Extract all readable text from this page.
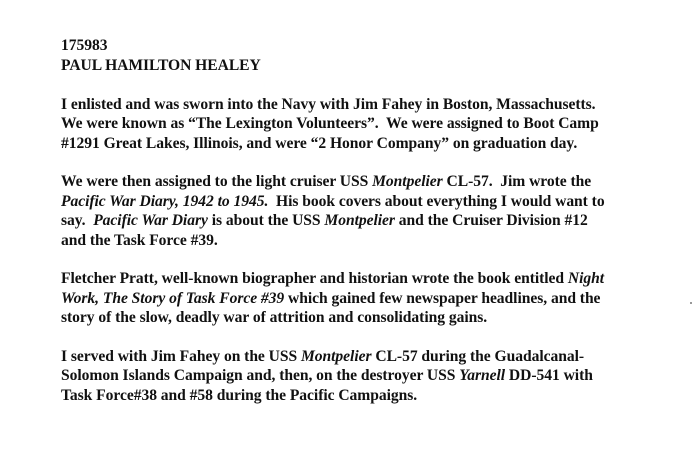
175983

PAUL HAMILTON HEALEY

I enlisted and was sworn into the Navy with Jim Fahey in Boston, Massachusetts.
We were known as “The Lexington Volunteers”.  We were assigned to Boot Camp
#1291 Great Lakes, Illinois, and were “2 Honor Company” on graduation day.

We were then assigned to the light cruiser USS Montpelier CL-57.  Jim wrote the
Pacific War Diary, 1942 to 1945.  His book covers about everything I would want to
say.  Pacific War Diary is about the USS Montpelier and the Cruiser Division #12
and the Task Force #39.

Fletcher Pratt, well-known biographer and historian wrote the book entitled Night
Work, The Story of Task Force #39 which gained few newspaper headlines, and the
story of the slow, deadly war of attrition and consolidating gains.

I served with Jim Fahey on the USS Montpelier CL-57 during the Guadalcanal-
Solomon Islands Campaign and, then, on the destroyer USS Yarnell DD-541 with
Task Force#38 and #58 during the Pacific Campaigns.
